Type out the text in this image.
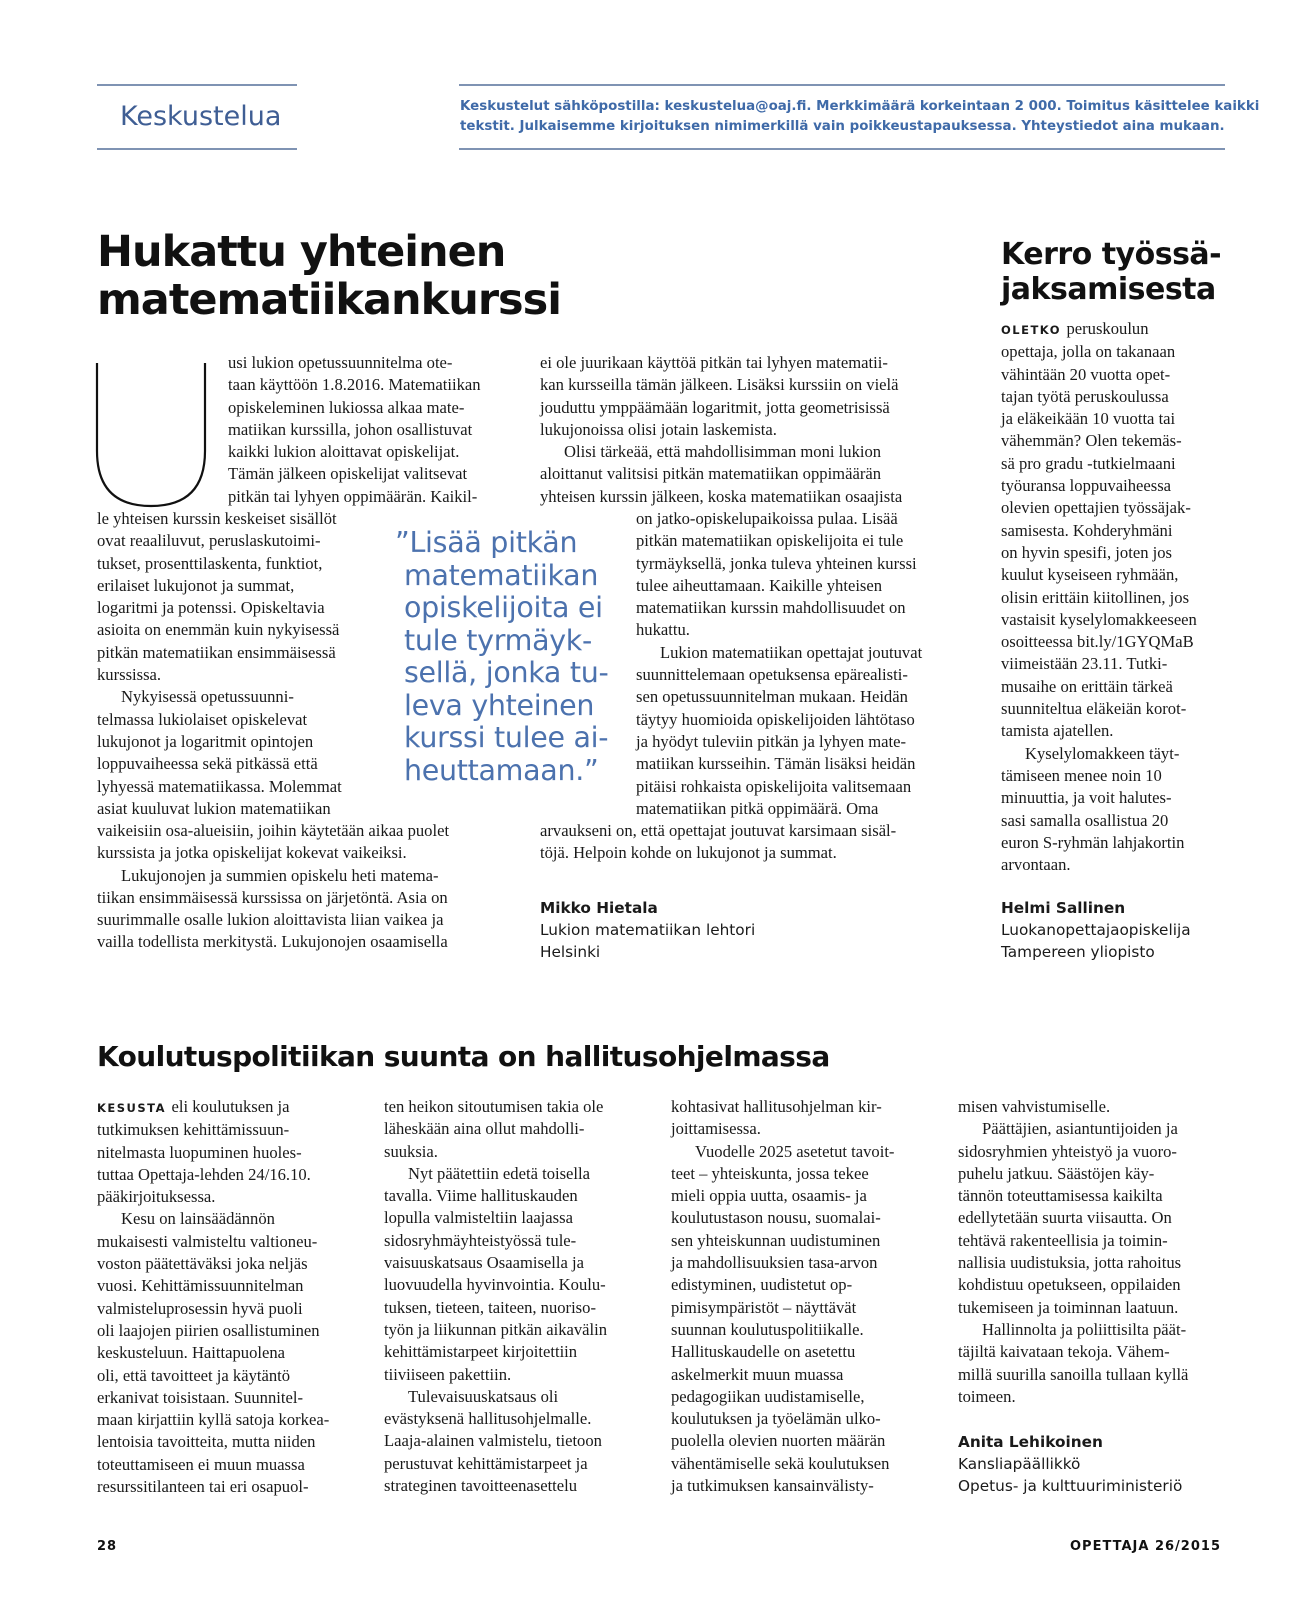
Keskustelua	Keskustelut sähköpostilla: keskustelua@oaj.fi. Merkkimäärä korkeintaan 2 000. Toimitus käsittelee kaikki
tekstit. Julkaisemme kirjoituksen nimimerkillä vain poikkeustapauksessa. Yhteystiedot aina mukaan.
Hukattu yhteinen
matematiikankurssi
usi lukion opetussuunnitelma ote-
taan käyttöön 1.8.2016. Matematiikan
opiskeleminen lukiossa alkaa mate-
matiikan kurssilla, johon osallistuvat
kaikki lukion aloittavat opiskelijat.
Tämän jälkeen opiskelijat valitsevat
pitkän tai lyhyen oppimäärän. Kaikil-
le yhteisen kurssin keskeiset sisällöt
ovat reaaliluvut, peruslaskutoimi-
tukset, prosenttilaskenta, funktiot,
erilaiset lukujonot ja summat,
logaritmi ja potenssi. Opiskeltavia
asioita on enemmän kuin nykyisessä
pitkän matematiikan ensimmäisessä
kurssissa.
Nykyisessä opetussuunni-
telmassa lukiolaiset opiskelevat
lukujonot ja logaritmit opintojen
loppuvaiheessa sekä pitkässä että
lyhyessä matematiikassa. Molemmat
asiat kuuluvat lukion matematiikan
vaikeisiin osa-alueisiin, joihin käytetään aikaa puolet
kurssista ja jotka opiskelijat kokevat vaikeiksi.
Lukujonojen ja summien opiskelu heti matema-
tiikan ensimmäisessä kurssissa on järjetöntä. Asia on
suurimmalle osalle lukion aloittavista liian vaikea ja
vailla todellista merkitystä. Lukujonojen osaamisella
”Lisää pitkän
matematiikan
opiskelijoita ei
tule tyrmäyk-
sellä, jonka tu-
leva yhteinen
kurssi tulee ai-
heuttamaan.”
ei ole juurikaan käyttöä pitkän tai lyhyen matematii-
kan kursseilla tämän jälkeen. Lisäksi kurssiin on vielä
jouduttu ymppäämään logaritmit, jotta geometrisissä
lukujonoissa olisi jotain laskemista.
Olisi tärkeää, että mahdollisimman moni lukion
aloittanut valitsisi pitkän matematiikan oppimäärän
yhteisen kurssin jälkeen, koska matematiikan osaajista
on jatko-opiskelupaikoissa pulaa. Lisää
pitkän matematiikan opiskelijoita ei tule
tyrmäyksellä, jonka tuleva yhteinen kurssi
tulee aiheuttamaan. Kaikille yhteisen
matematiikan kurssin mahdollisuudet on
hukattu.
Lukion matematiikan opettajat joutuvat
suunnittelemaan opetuksensa epärealisti-
sen opetussuunnitelman mukaan. Heidän
täytyy huomioida opiskelijoiden lähtötaso
ja hyödyt tuleviin pitkän ja lyhyen mate-
matiikan kursseihin. Tämän lisäksi heidän
pitäisi rohkaista opiskelijoita valitsemaan
matematiikan pitkä oppimäärä. Oma
arvaukseni on, että opettajat joutuvat karsimaan sisäl-
töjä. Helpoin kohde on lukujonot ja summat.
Mikko Hietala
Lukion matematiikan lehtori
Helsinki
Kerro työssä-
jaksamisesta
OLETKO peruskoulun
opettaja, jolla on takanaan
vähintään 20 vuotta opet-
tajan työtä peruskoulussa
ja eläkeikään 10 vuotta tai
vähemmän? Olen tekemäs-
sä pro gradu -tutkielmaani
työuransa loppuvaiheessa
olevien opettajien työssäjak-
samisesta. Kohderyhmäni
on hyvin spesifi, joten jos
kuulut kyseiseen ryhmään,
olisin erittäin kiitollinen, jos
vastaisit kyselylomakkeeseen
osoitteessa bit.ly/1GYQMaB
viimeistään 23.11. Tutki-
musaihe on erittäin tärkeä
suunniteltua eläkeiän korot-
tamista ajatellen.
Kyselylomakkeen täyt-
tämiseen menee noin 10
minuuttia, ja voit halutes-
sasi samalla osallistua 20
euron S-ryhmän lahjakortin
arvontaan.
Helmi Sallinen
Luokanopettajaopiskelija
Tampereen yliopisto
Koulutuspolitiikan suunta on hallitusohjelmassa
KESUSTA eli koulutuksen ja
tutkimuksen kehittämissuun-
nitelmasta luopuminen huoles-
tuttaa Opettaja-lehden 24/16.10.
pääkirjoituksessa.
Kesu on lainsäädännön
mukaisesti valmisteltu valtioneu-
voston päätettäväksi joka neljäs
vuosi. Kehittämissuunnitelman
valmisteluprosessin hyvä puoli
oli laajojen piirien osallistuminen
keskusteluun. Haittapuolena
oli, että tavoitteet ja käytäntö
erkanivat toisistaan. Suunnitel-
maan kirjattiin kyllä satoja korkea-
lentoisia tavoitteita, mutta niiden
toteuttamiseen ei muun muassa
resurssitilanteen tai eri osapuol-
ten heikon sitoutumisen takia ole
läheskään aina ollut mahdolli-
suuksia.
Nyt päätettiin edetä toisella
tavalla. Viime hallituskauden
lopulla valmisteltiin laajassa
sidosryhmäyhteistyössä tule-
vaisuuskatsaus Osaamisella ja
luovuudella hyvinvointia. Koulu-
tuksen, tieteen, taiteen, nuoriso-
työn ja liikunnan pitkän aikavälin
kehittämistarpeet kirjoitettiin
tiiviiseen pakettiin.
Tulevaisuuskatsaus oli
evästyksenä hallitusohjelmalle.
Laaja-alainen valmistelu, tietoon
perustuvat kehittämistarpeet ja
strateginen tavoitteenasettelu
kohtasivat hallitusohjelman kir-
joittamisessa.
Vuodelle 2025 asetetut tavoit-
teet – yhteiskunta, jossa tekee
mieli oppia uutta, osaamis- ja
koulutustason nousu, suomalai-
sen yhteiskunnan uudistuminen
ja mahdollisuuksien tasa-arvon
edistyminen, uudistetut op-
pimisympäristöt – näyttävät
suunnan koulutuspolitiikalle.
Hallituskaudelle on asetettu
askelmerkit muun muassa
pedagogiikan uudistamiselle,
koulutuksen ja työelämän ulko-
puolella olevien nuorten määrän
vähentämiselle sekä koulutuksen
ja tutkimuksen kansainvälisty-
misen vahvistumiselle.
Päättäjien, asiantuntijoiden ja
sidosryhmien yhteistyö ja vuoro-
puhelu jatkuu. Säästöjen käy-
tännön toteuttamisessa kaikilta
edellytetään suurta viisautta. On
tehtävä rakenteellisia ja toimin-
nallisia uudistuksia, jotta rahoitus
kohdistuu opetukseen, oppilaiden
tukemiseen ja toiminnan laatuun.
Hallinnolta ja poliittisilta päät-
täjiltä kaivataan tekoja. Vähem-
millä suurilla sanoilla tullaan kyllä
toimeen.
Anita Lehikoinen
Kansliapäällikkö
Opetus- ja kulttuuriministeriö
28	OPETTAJA 26/2015
